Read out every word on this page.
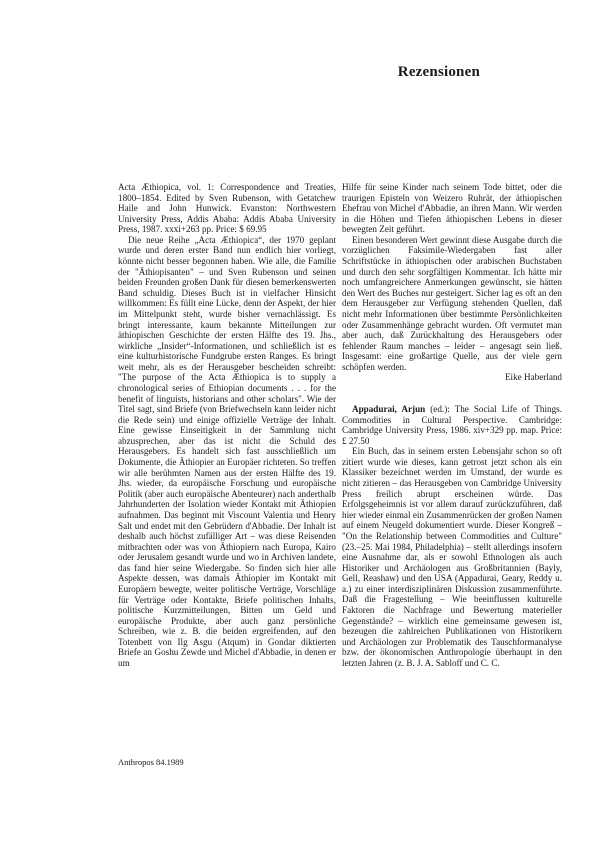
Rezensionen

Acta Æthiopica, vol. 1: Correspondence and Treaties, 1800–1854. Edited by Sven Rubenson, with Getatchew Haile and John Hunwick. Evanston: Northwestern University Press, Addis Ababa: Addis Ababa University Press, 1987. xxxi+263 pp. Price: $ 69.95

Die neue Reihe „Acta Æthiopica“, der 1970 geplant wurde und deren erster Band nun endlich hier vorliegt, könnte nicht besser begonnen haben. Wie alle, die Familie der "Äthiopisanten" – und Sven Rubenson und seinen beiden Freunden großen Dank für diesen bemerkenswerten Band schuldig. Dieses Buch ist in vielfacher Hinsicht willkommen: Es füllt eine Lücke, denn der Aspekt, der hier im Mittelpunkt steht, wurde bisher vernachlässigt. Es bringt interessante, kaum bekannte Mitteilungen zur äthiopischen Geschichte der ersten Hälfte des 19. Jhs., wirkliche „Insider“-Informationen, und schließlich ist es eine kulturhistorische Fundgrube ersten Ranges. Es bringt weit mehr, als es der Herausgeber bescheiden schreibt: "The purpose of the Acta Æthiopica is to supply a chronological series of Ethiopian documents . . . for the benefit of linguists, historians and other scholars". Wie der Titel sagt, sind Briefe (von Briefwechseln kann leider nicht die Rede sein) und einige offizielle Verträge der Inhalt. Eine gewisse Einseitigkeit in der Sammlung nicht abzusprechen, aber das ist nicht die Schuld des Herausgebers. Es handelt sich fast ausschließlich um Dokumente, die Äthiopier an Europäer richteten. So treffen wir alle berühmten Namen aus der ersten Hälfte des 19. Jhs. wieder, da europäische Forschung und europäische Politik (aber auch europäische Abenteurer) nach anderthalb Jahrhunderten der Isolation wieder Kontakt mit Äthiopien aufnahmen. Das beginnt mit Viscount Valentia und Henry Salt und endet mit den Gebrüdern d'Abbadie. Der Inhalt ist deshalb auch höchst zufälliger Art – was diese Reisenden mitbrachten oder was von Äthiopiern nach Europa, Kairo oder Jerusalem gesandt wurde und wo in Archiven landete, das fand hier seine Wiedergabe. So finden sich hier alle Aspekte dessen, was damals Äthiopier im Kontakt mit Europäern bewegte, weiter politische Verträge, Vorschläge für Verträge oder Kontakte, Briefe politischen Inhalts, politische Kurzmitteilungen, Bitten um Geld und europäische Produkte, aber auch ganz persönliche Schreiben, wie z. B. die beiden ergreifenden, auf den Totenbett von Ilg Asgu (Atqum) in Gondar diktierten Briefe an Goshu Zewde und Michel d'Abbadie, in denen er um

Hilfe für seine Kinder nach seinem Tode bittet, oder die traurigen Episteln von Weizero Ruhrät, der äthiopischen Ehefrau von Michel d'Abbadie, an ihren Mann. Wir werden in die Höhen und Tiefen äthiopischen Lebens in dieser bewegten Zeit geführt.

Einen besonderen Wert gewinnt diese Ausgabe durch die vorzüglichen Faksimile-Wiedergaben fast aller Schriftstücke in äthiopischen oder arabischen Buchstaben und durch den sehr sorgfältigen Kommentar. Ich hätte mir noch umfangreichere Anmerkungen gewünscht, sie hätten den Wert des Buches nur gesteigert. Sicher lag es oft an den dem Herausgeber zur Verfügung stehenden Quellen, daß nicht mehr Informationen über bestimmte Persönlichkeiten oder Zusammenhänge gebracht wurden. Oft vermutet man aber auch, daß Zurückhaltung des Herausgebers oder fehlender Raum manches – leider – angesagt sein ließ. Insgesamt: eine großartige Quelle, aus der viele gern schöpfen werden.

Eike Haberland

Appadurai, Arjun (ed.): The Social Life of Things. Commodities in Cultural Perspective. Cambridge: Cambridge University Press, 1986. xiv+329 pp. map. Price: £ 27.50

Ein Buch, das in seinem ersten Lebensjahr schon so oft zitiert wurde wie dieses, kann getrost jetzt schon als ein Klassiker bezeichnet werden im Umstand, der wurde es nicht zitieren – das Herausgeben von Cambridge University Press freilich abrupt erscheinen würde. Das Erfolgsgeheimnis ist vor allem darauf zurückzuführen, daß hier wieder einmal ein Zusammenrücken der großen Namen auf einem Neugeld dokumentiert wurde. Dieser Kongreß – "On the Relationship between Commodities and Culture" (23.–25. Mai 1984, Philadelphia) – stellt allerdings insofern eine Ausnahme dar, als er sowohl Ethnologen als auch Historiker und Archäologen aus Großbritannien (Bayly, Gell, Reashaw) und den USA (Appadurai, Geary, Reddy u. a.) zu einer interdisziplinären Diskussion zusammenführte. Daß die Fragestellung – Wie beeinflussen kulturelle Faktoren die Nachfrage und Bewertung materieller Gegenstände? – wirklich eine gemeinsame gewesen ist, bezeugen die zahlreichen Publikationen von Historikern und Archäologen zur Problematik des Tauschformanalyse bzw. der ökonomischen Anthropologie überhaupt in den letzten Jahren (z. B. J. A. Sabloff und C. C.

Anthropos 84.1989
